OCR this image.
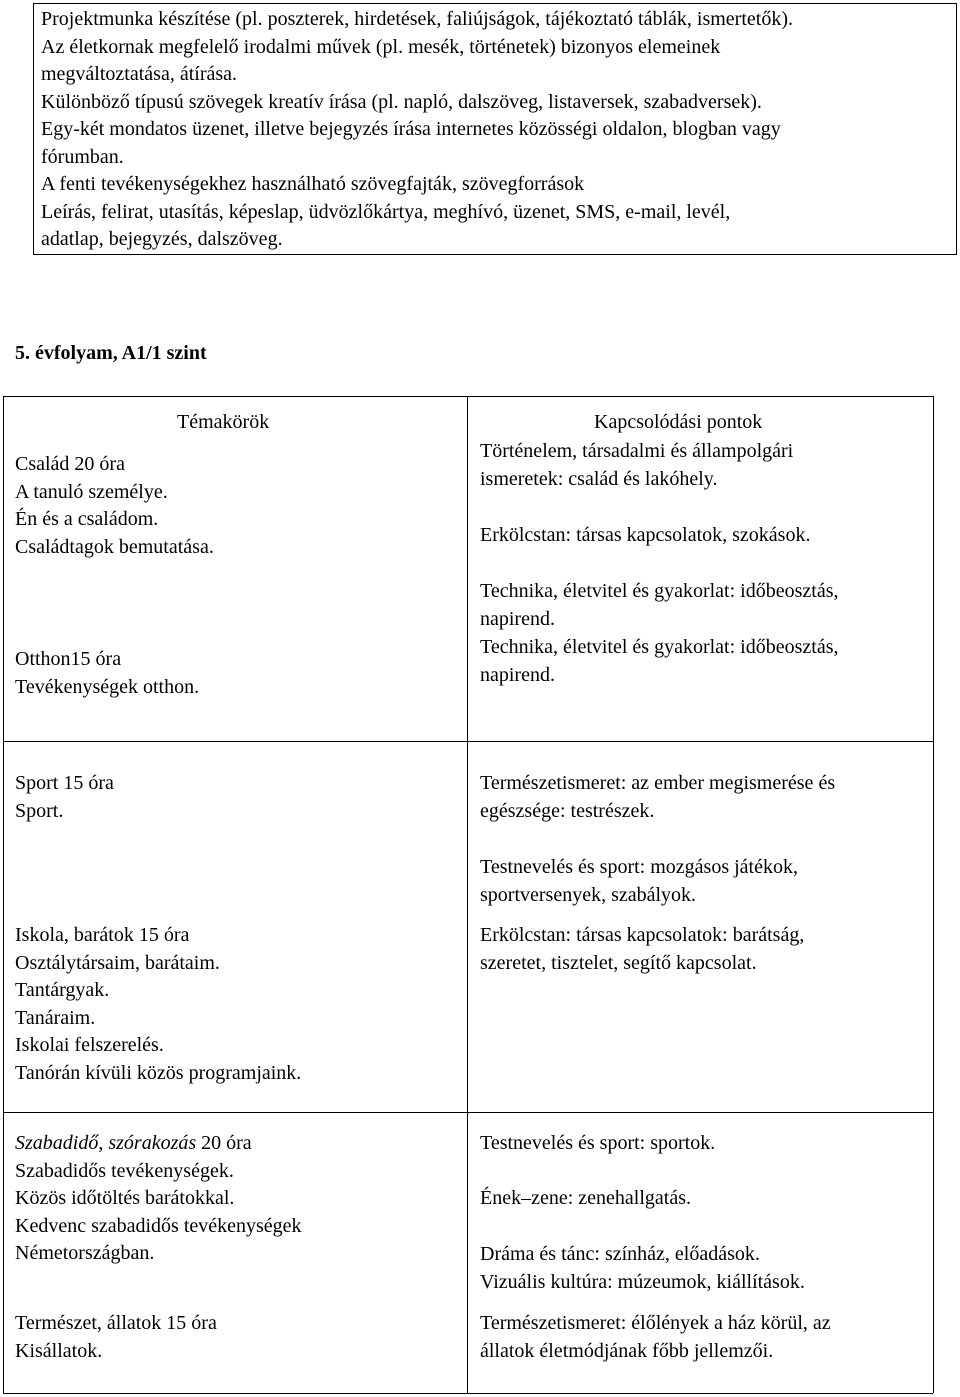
Projektmunka készítése (pl. poszterek, hirdetések, faliújságok, tájékoztató táblák, ismertetők).

Az életkornak megfelelő irodalmi művek (pl. mesék, történetek) bizonyos elemeinek

megváltoztatása, átírása.

Különböző típusú szövegek kreatív írása (pl. napló, dalszöveg, listaversek, szabadversek).

Egy-két mondatos üzenet, illetve bejegyzés írása internetes közösségi oldalon, blogban vagy

fórumban.

A fenti tevékenységekhez használható szövegfajták, szövegforrások

Leírás, felirat, utasítás, képeslap, üdvözlőkártya, meghívó, üzenet, SMS, e-mail, levél,

adatlap, bejegyzés, dalszöveg.

5. évfolyam, A1/1 szint
Témakörök	Kapcsolódási pontok

Család 20 óra

A tanuló személye.

Én és a családom.

Családtagok bemutatása.

Otthon15 óra

Tevékenységek otthon.

Történelem, társadalmi és állampolgári

ismeretek: család és lakóhely.

Erkölcstan: társas kapcsolatok, szokások.

Technika, életvitel és gyakorlat: időbeosztás,

napirend.

Technika, életvitel és gyakorlat: időbeosztás,

napirend.

Sport 15 óra

Sport.

Iskola, barátok 15 óra

Osztálytársaim, barátaim.

Tantárgyak.

Tanáraim.

Iskolai felszerelés.

Tanórán kívüli közös programjaink.

Természetismeret: az ember megismerése és

egészsége: testrészek.

Testnevelés és sport: mozgásos játékok,

sportversenyek, szabályok.

Erkölcstan: társas kapcsolatok: barátság,

szeretet, tisztelet, segítő kapcsolat.

Szabadidő, szórakozás 20 óra

Szabadidős tevékenységek.

Közös időtöltés barátokkal.

Kedvenc szabadidős tevékenységek

Németországban.

Természet, állatok 15 óra

Kisállatok.

Testnevelés és sport: sportok.

Ének–zene: zenehallgatás.

Dráma és tánc: színház, előadások.

Vizuális kultúra: múzeumok, kiállítások.

Természetismeret: élőlények a ház körül, az

állatok életmódjának főbb jellemzői.
